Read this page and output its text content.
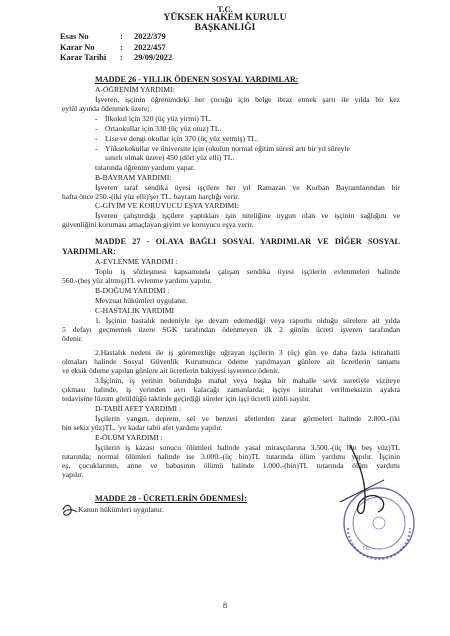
T.C.
YÜKSEK HAKEM KURULU
BAŞKANLIĞI
Esas No	:	2022/379
Karar No	:	2022/457
Karar Tarihi	:	29/09/2022
MADDE 26 - YILLIK ÖDENEN SOSYAL YARDIMLAR:
A-ÖĞRENİM YARDIMI:
İşveren, işçinin öğrenimdeki her çocuğu için belge ibraz etmek şartı ile yılda bir kez
eylül ayında ödenmek üzere;
- İlkokul için 320 (üç yüz yirmi) TL.
- Ortaokullar için 330 (üç yüz otuz) TL.
- Lise ve dengi okullar için 370 (üç yüz yetmiş) TL.
- Yüksekokullar ve üniversite için (okulun normal eğitim süresi artı bir yıl süreyle
sınırlı olmak üzere) 450 (dört yüz elli) TL.
tutarında öğrenim yardımı yapar.
B-BAYRAM YARDIMI:
İşveren taraf sendika üyesi işçilere her yıl Ramazan ve Kurban Bayramlarından bir
hafta önce 250.-(iki yüz elli)'şer TL. bayram harçlığı verir.
C-GİYİM VE KORUYUCU EŞYA YARDIMI:
İşveren çalıştırdığı işçilere yaptıkları işin niteliğine uygun olan ve işçinin sağlığını ve
güvenliğini koruması amaçlayan giyim ve koruyucu eşya verir.
MADDE 27 - OLAYA BAĞLI SOSYAL YARDIMLAR VE DİĞER SOSYAL
YARDIMLAR:
A-EVLENME YARDIMI :
Toplu iş sözleşmesi kapsamında çalışan sendika üyesi işçilerin evlenmeleri halinde
560.-(beş yüz altmış)TL evlenme yardımı yapılır.
B-DOĞUM YARDIMI :
Mevzuat hükümleri uygulanır.
C-HASTALIK YARDIMI
1. İşçinin hastalık nedeniyle işe devam edemediği veya raporlu olduğu sürelere ait yılda
5 defayı geçmemek üzere SGK tarafından ödenmeyen ilk 2 günün ücreti işveren tarafından
ödenir.
2.Hastalık nedeni ile iş göremezliğe uğrayan işçilerin 3 (üç) gün ve daha fazla istirahatli
olmaları halinde Sosyal Güvenlik Kurumunca ödeme yapılmayan günlere ait ücretlerin tamamı
ve eksik ödeme yapılan günlere ait ücretlerin bakiyesi işverence ödenir.
3.İşçinin, iş yerinin bulunduğu mahal veya başka bir mahalle sevk suretiyle viziteye
çıkması halinde, iş yerinden ayrı kalacağı zamanlarda; işçiye istirahat verilmeksizin ayakta
tedavisine lüzum görüldüğü taktirde geçirdiği süreler için işçi ücretli izinli sayılır.
D-TABİİ AFET YARDIMI :
İşçilerin yangın, deprem, sel ve benzeri afetlerden zarar görmeleri halinde 2.800.-(iki
bin sekiz yüz)TL. 'ye kadar tabii afet yardımı yapılır.
E-ÖLÜM YARDIMI :
İşçilerin iş kazası sonucu ölümleri halinde yasal mirasçılarına 3.500.-(üç bin beş yüz)TL
tutarında; normal ölümleri halinde ise 3.000.-(üç bin)TL tutarında ölüm yardımı yapılır. İşçinin
eş, çocuklarının, anne ve babasının ölümü halinde 1.000.-(bin)TL tutarında ölüm yardımı
yapılır.
MADDE 28 - ÜCRETLERİN ÖDENMESİ:
Kanun hükümleri uygulanır.
T.C.
8
